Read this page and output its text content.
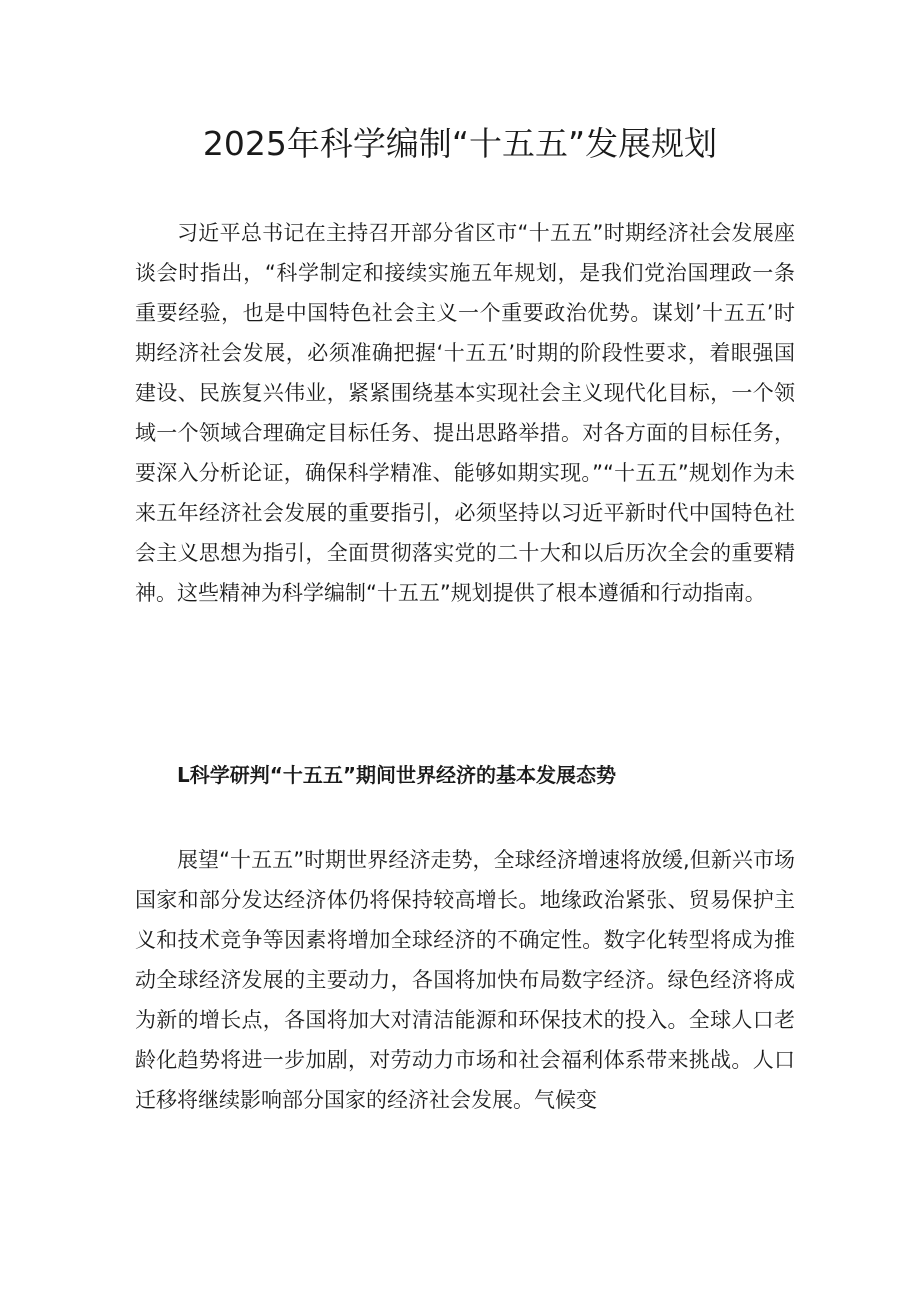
2025年科学编制“十五五”发展规划

习近平总书记在主持召开部分省区市“十五五”时期经济社会发展座谈会时指出，“科学制定和接续实施五年规划，是我们党治国理政一条重要经验，也是中国特色社会主义一个重要政治优势。谋划’十五五’时期经济社会发展，必须准确把握‘十五五’时期的阶段性要求，着眼强国建设、民族复兴伟业，紧紧围绕基本实现社会主义现代化目标，一个领域一个领域合理确定目标任务、提出思路举措。对各方面的目标任务，要深入分析论证，确保科学精准、能够如期实现。”“十五五”规划作为未来五年经济社会发展的重要指引，必须坚持以习近平新时代中国特色社会主义思想为指引，全面贯彻落实党的二十大和以后历次全会的重要精神。这些精神为科学编制“十五五”规划提供了根本遵循和行动指南。

L科学研判“十五五”期间世界经济的基本发展态势

展望“十五五”时期世界经济走势，全球经济增速将放缓,但新兴市场国家和部分发达经济体仍将保持较高增长。地缘政治紧张、贸易保护主义和技术竞争等因素将增加全球经济的不确定性。数字化转型将成为推动全球经济发展的主要动力，各国将加快布局数字经济。绿色经济将成为新的增长点，各国将加大对清洁能源和环保技术的投入。全球人口老龄化趋势将进一步加剧，对劳动力市场和社会福利体系带来挑战。人口迁移将继续影响部分国家的经济社会发展。气候变
